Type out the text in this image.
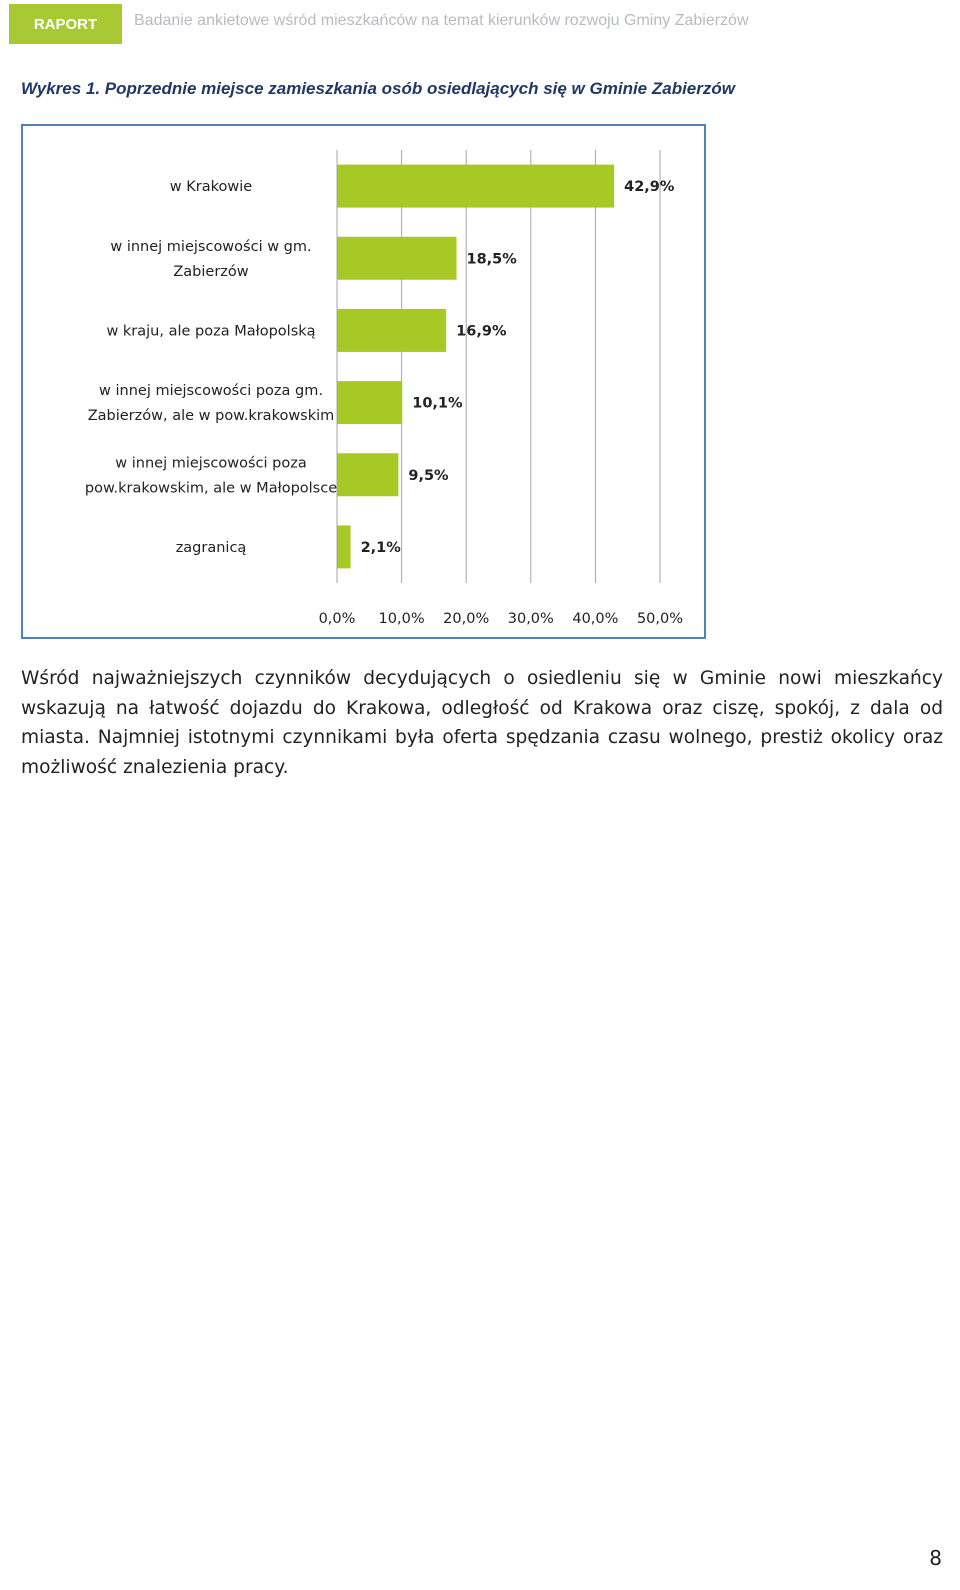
RAPORT	Badanie ankietowe wśród mieszkańców na temat kierunków rozwoju Gminy Zabierzów
Wykres 1. Poprzednie miejsce zamieszkania osób osiedlających się w Gminie Zabierzów
42,9%
w Krakowie
18,5%
w innej miejscowości w gm. Zabierzów
16,9%
w kraju, ale poza Małopolską
10,1%
w innej miejscowości poza gm. Zabierzów, ale w pow.krakowskim
9,5%
w innej miejscowości poza pow.krakowskim, ale w Małopolsce
2,1%
zagranicą
0,0% 10,0% 20,0% 30,0% 40,0% 50,0%

Wśród najważniejszych czynników decydujących o osiedleniu się w Gminie nowi mieszkańcy wskazują na łatwość dojazdu do Krakowa, odległość od Krakowa oraz ciszę, spokój, z dala od miasta. Najmniej istotnymi czynnikami była oferta spędzania czasu wolnego, prestiż okolicy oraz możliwość znalezienia pracy.

8
